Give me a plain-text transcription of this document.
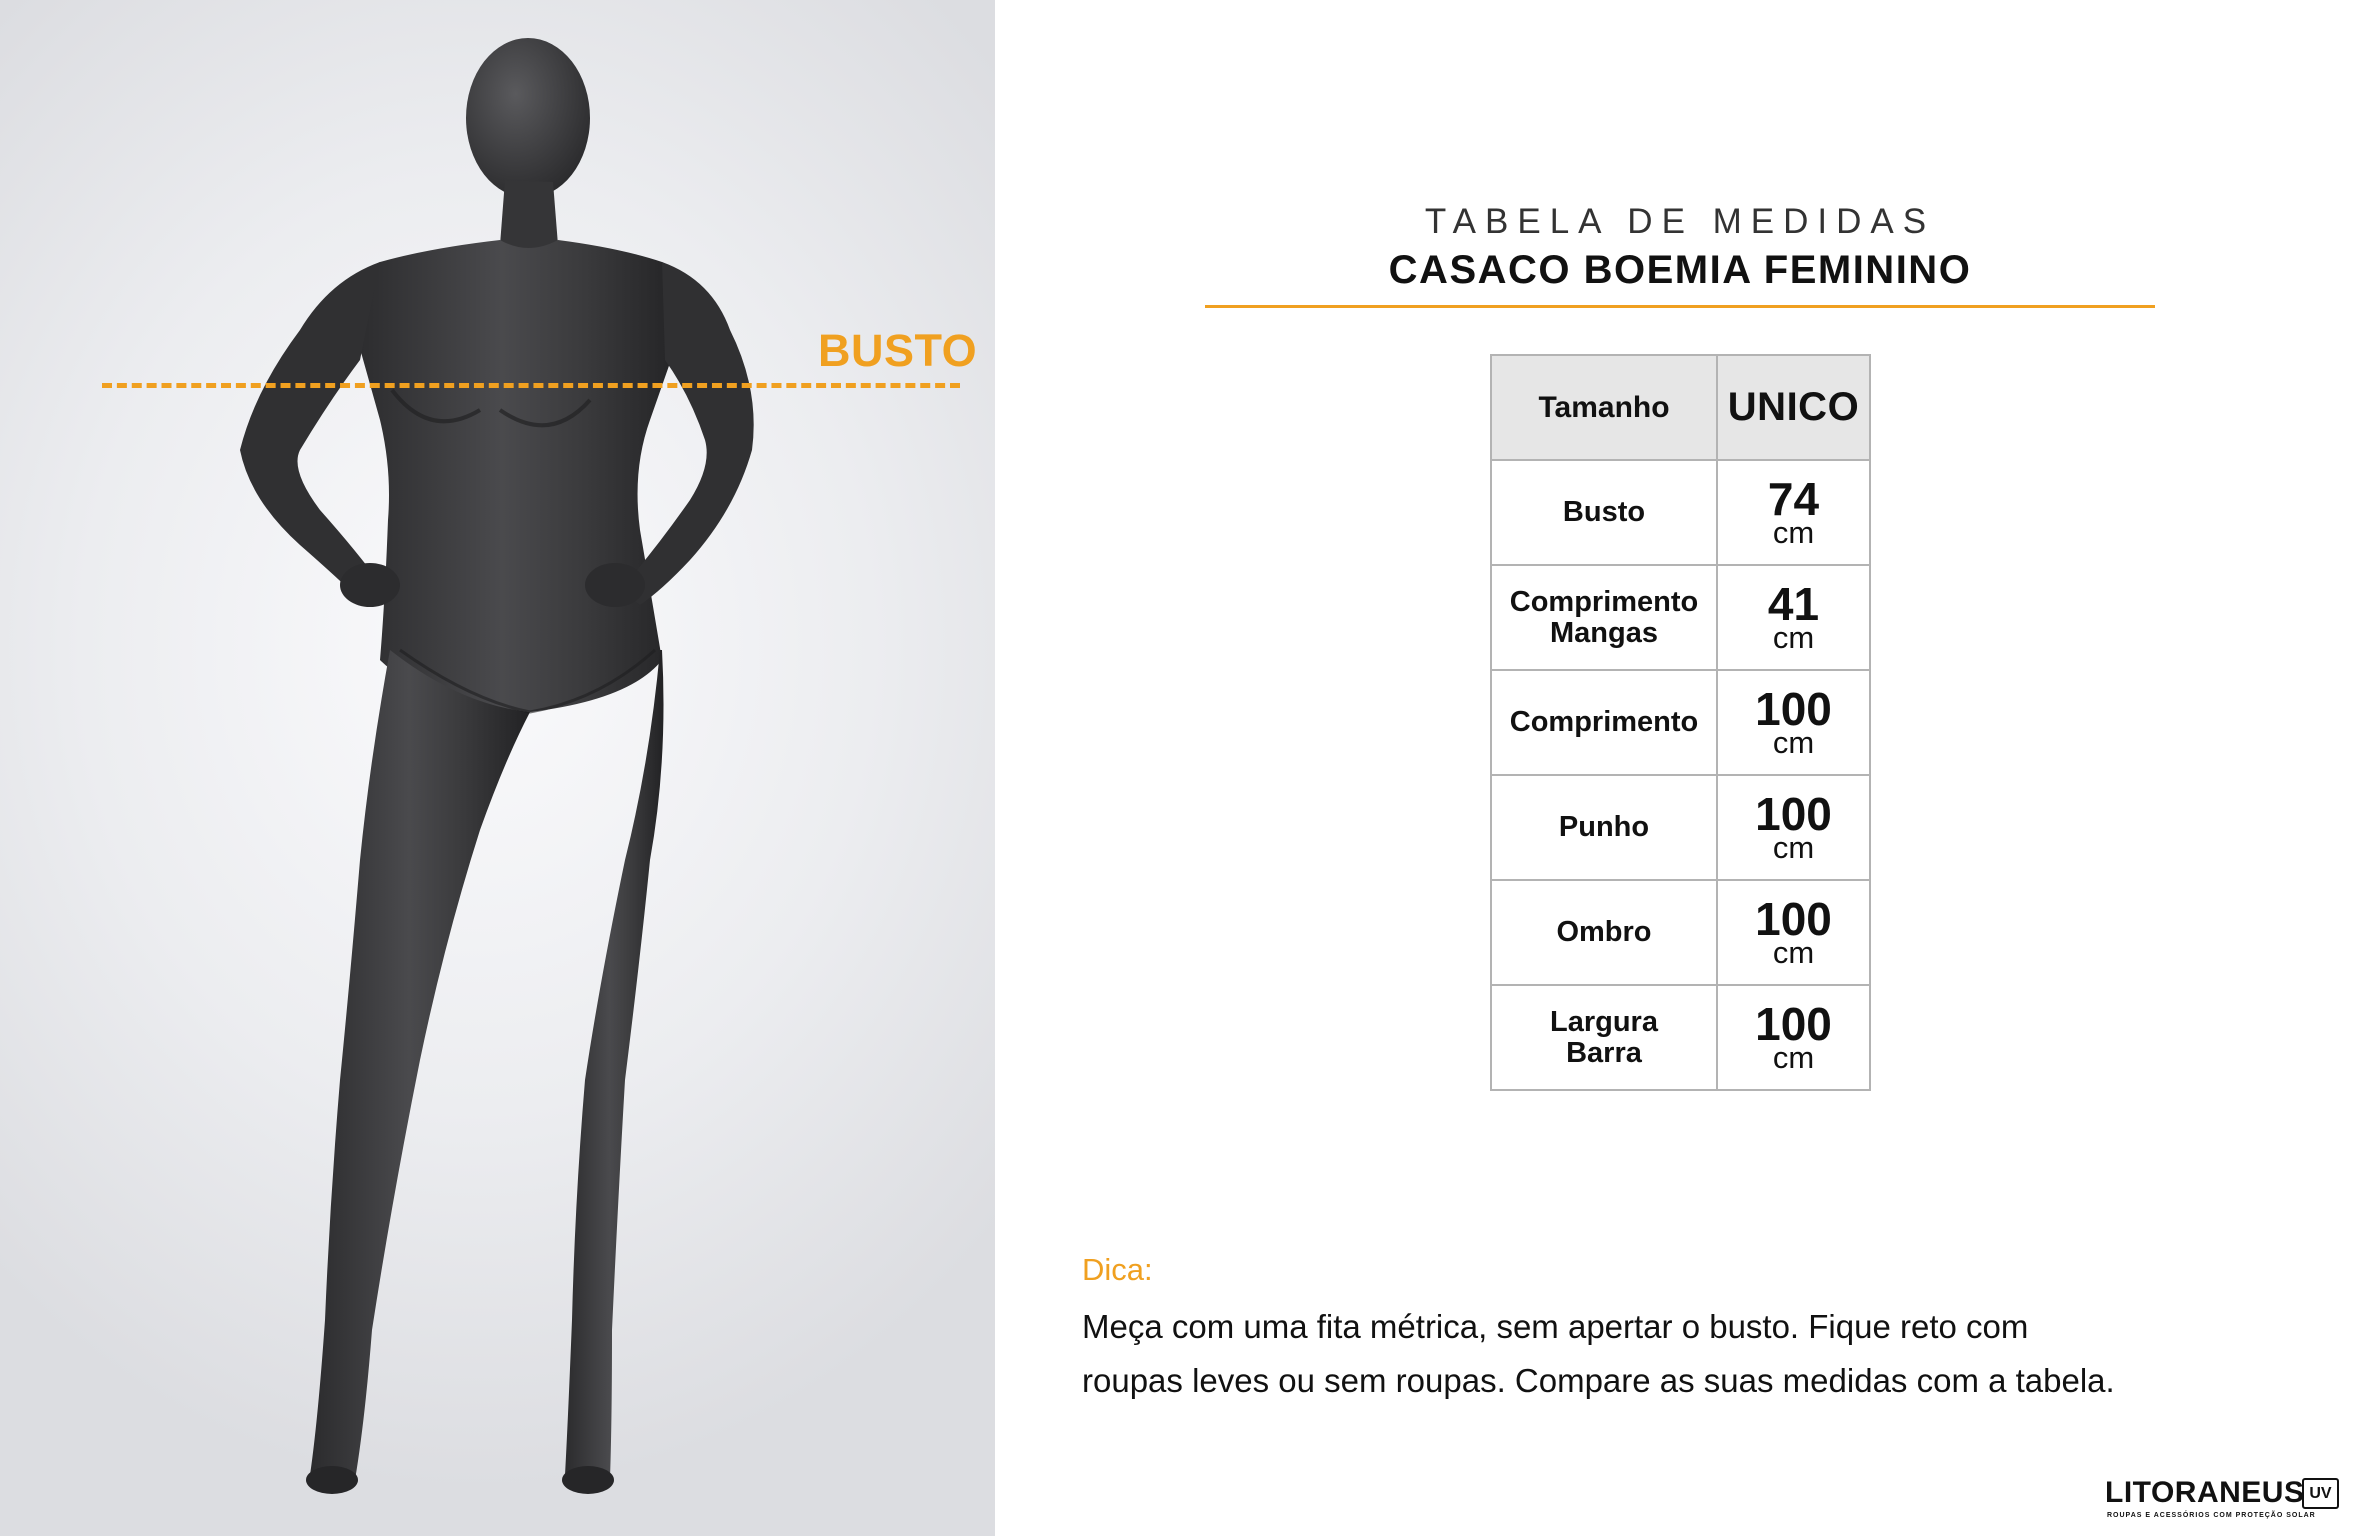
BUSTO
TABELA DE MEDIDAS
CASACO BOEMIA FEMININO
Tamanho	UNICO

Busto	74
cm

Comprimento
Mangas	41
cm

Comprimento	100
cm

Punho	100
cm

Ombro	100
cm

Largura
Barra	100
cm
Dica:
Meça com uma fita métrica, sem apertar o busto. Fique reto com
roupas leves ou sem roupas. Compare as suas medidas com a tabela.
LITORANEUS UV
ROUPAS E ACESSÓRIOS COM PROTEÇÃO SOLAR
